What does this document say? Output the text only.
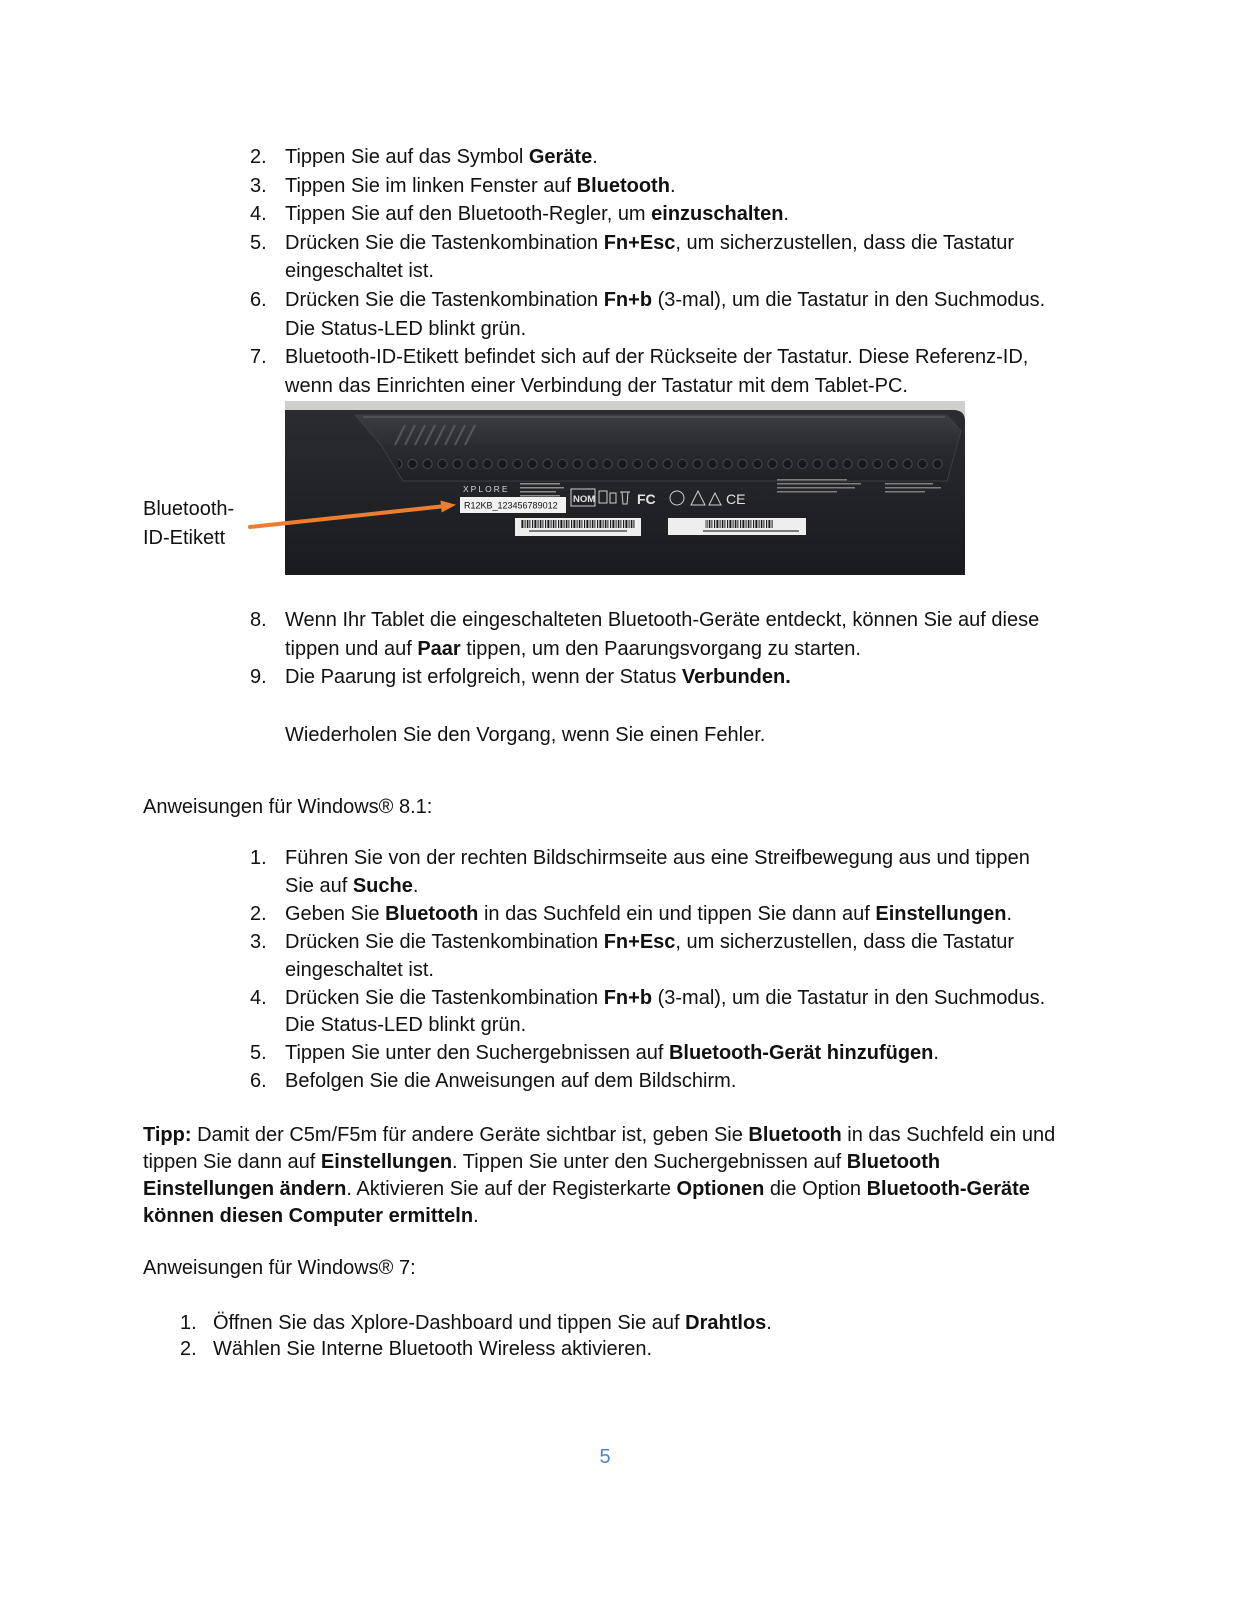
2. Tippen Sie auf das Symbol Geräte.
3. Tippen Sie im linken Fenster auf Bluetooth.
4. Tippen Sie auf den Bluetooth-Regler, um einzuschalten.
5. Drücken Sie die Tastenkombination Fn+Esc, um sicherzustellen, dass die Tastatur
eingeschaltet ist.
6. Drücken Sie die Tastenkombination Fn+b (3-mal), um die Tastatur in den Suchmodus.
Die Status-LED blinkt grün.
7. Bluetooth-ID-Etikett befindet sich auf der Rückseite der Tastatur. Diese Referenz-ID,
wenn das Einrichten einer Verbindung der Tastatur mit dem Tablet-PC.
XPLORE
R12KB_123456789012
NOM	FC	CE
Bluetooth-
ID-Etikett
8. Wenn Ihr Tablet die eingeschalteten Bluetooth-Geräte entdeckt, können Sie auf diese
tippen und auf Paar tippen, um den Paarungsvorgang zu starten.
9. Die Paarung ist erfolgreich, wenn der Status Verbunden.
Wiederholen Sie den Vorgang, wenn Sie einen Fehler.
Anweisungen für Windows® 8.1:
1. Führen Sie von der rechten Bildschirmseite aus eine Streifbewegung aus und tippen
Sie auf Suche.
2. Geben Sie Bluetooth in das Suchfeld ein und tippen Sie dann auf Einstellungen.
3. Drücken Sie die Tastenkombination Fn+Esc, um sicherzustellen, dass die Tastatur
eingeschaltet ist.
4. Drücken Sie die Tastenkombination Fn+b (3-mal), um die Tastatur in den Suchmodus.
Die Status-LED blinkt grün.
5. Tippen Sie unter den Suchergebnissen auf Bluetooth-Gerät hinzufügen.
6. Befolgen Sie die Anweisungen auf dem Bildschirm.
Tipp: Damit der C5m/F5m für andere Geräte sichtbar ist, geben Sie Bluetooth in das Suchfeld ein und
tippen Sie dann auf Einstellungen. Tippen Sie unter den Suchergebnissen auf Bluetooth
Einstellungen ändern. Aktivieren Sie auf der Registerkarte Optionen die Option Bluetooth-Geräte
können diesen Computer ermitteln.
Anweisungen für Windows® 7:
1. Öffnen Sie das Xplore-Dashboard und tippen Sie auf Drahtlos.
2. Wählen Sie Interne Bluetooth Wireless aktivieren.
5
